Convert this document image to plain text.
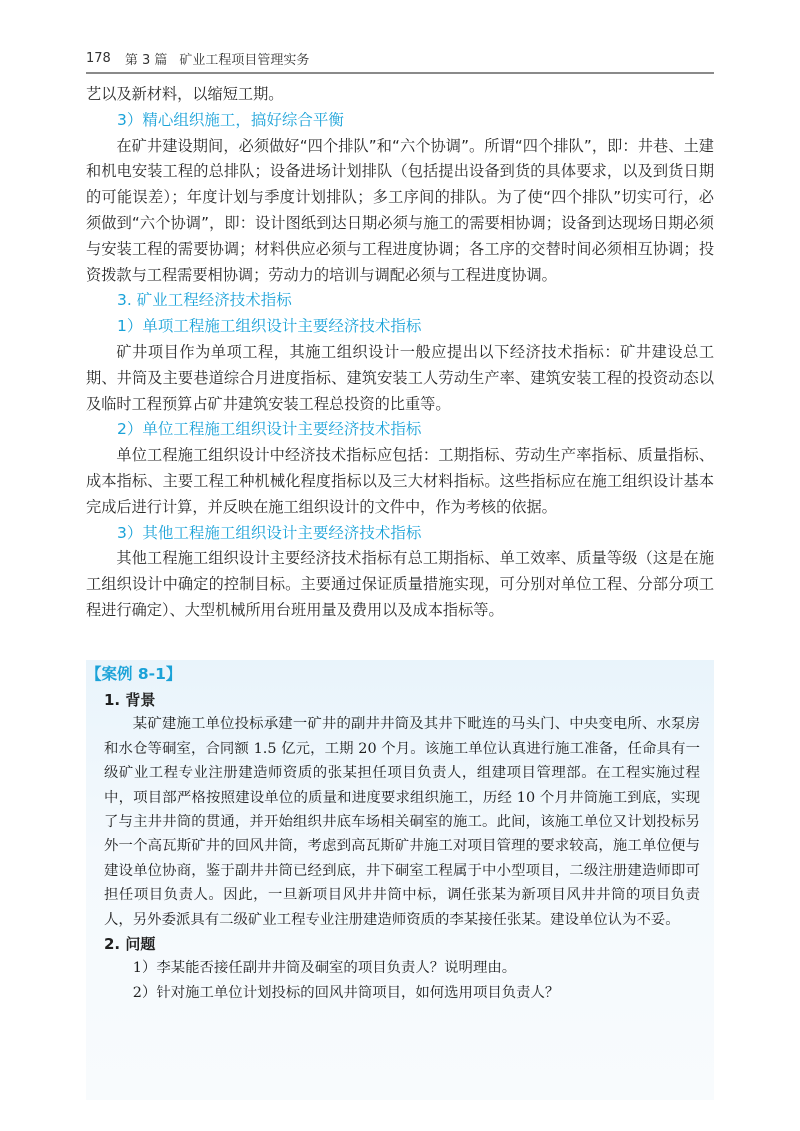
178 第 3 篇 矿业工程项目管理实务

艺以及新材料，以缩短工期。

3）精心组织施工，搞好综合平衡

在矿井建设期间，必须做好“四个排队”和“六个协调”。所谓“四个排队”，即：井巷、土建和机电安装工程的总排队；设备进场计划排队（包括提出设备到货的具体要求，以及到货日期的可能误差）；年度计划与季度计划排队；多工序间的排队。为了使“四个排队”切实可行，必须做到“六个协调”，即：设计图纸到达日期必须与施工的需要相协调；设备到达现场日期必须与安装工程的需要协调；材料供应必须与工程进度协调；各工序的交替时间必须相互协调；投资拨款与工程需要相协调；劳动力的培训与调配必须与工程进度协调。

3. 矿业工程经济技术指标

1）单项工程施工组织设计主要经济技术指标

矿井项目作为单项工程，其施工组织设计一般应提出以下经济技术指标：矿井建设总工期、井筒及主要巷道综合月进度指标、建筑安装工人劳动生产率、建筑安装工程的投资动态以及临时工程预算占矿井建筑安装工程总投资的比重等。

2）单位工程施工组织设计主要经济技术指标

单位工程施工组织设计中经济技术指标应包括：工期指标、劳动生产率指标、质量指标、成本指标、主要工程工种机械化程度指标以及三大材料指标。这些指标应在施工组织设计基本完成后进行计算，并反映在施工组织设计的文件中，作为考核的依据。

3）其他工程施工组织设计主要经济技术指标

其他工程施工组织设计主要经济技术指标有总工期指标、单工效率、质量等级（这是在施工组织设计中确定的控制目标。主要通过保证质量措施实现，可分别对单位工程、分部分项工程进行确定）、大型机械所用台班用量及费用以及成本指标等。

【案例 8-1】

1. 背景

某矿建施工单位投标承建一矿井的副井井筒及其井下毗连的马头门、中央变电所、水泵房和水仓等硐室，合同额 1.5 亿元，工期 20 个月。该施工单位认真进行施工准备，任命具有一级矿业工程专业注册建造师资质的张某担任项目负责人，组建项目管理部。在工程实施过程中，项目部严格按照建设单位的质量和进度要求组织施工，历经 10 个月井筒施工到底，实现了与主井井筒的贯通，并开始组织井底车场相关硐室的施工。此间，该施工单位又计划投标另外一个高瓦斯矿井的回风井筒，考虑到高瓦斯矿井施工对项目管理的要求较高，施工单位便与建设单位协商，鉴于副井井筒已经到底，井下硐室工程属于中小型项目，二级注册建造师即可担任项目负责人。因此，一旦新项目风井井筒中标，调任张某为新项目风井井筒的项目负责人，另外委派具有二级矿业工程专业注册建造师资质的李某接任张某。建设单位认为不妥。

2. 问题

1）李某能否接任副井井筒及硐室的项目负责人？说明理由。

2）针对施工单位计划投标的回风井筒项目，如何选用项目负责人？
